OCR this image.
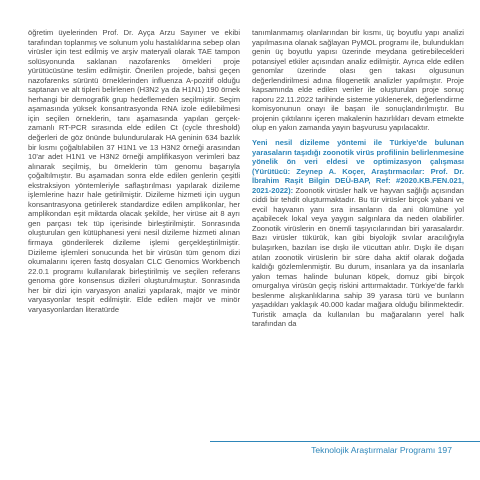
öğretim üyelerinden Prof. Dr. Ayça Arzu Sayıner ve ekibi tarafından toplanmış ve solunum yolu hastalıklarına sebep olan virüsler için test edilmiş ve arşiv materyali olarak TAE tampon solüsyonunda saklanan nazofarenks örnekleri proje yürütücüsüne teslim edilmiştir. Önerilen projede, bahsi geçen nazofarenks sürüntü örneklerinden influenza A-pozitif olduğu saptanan ve alt tipleri belirlenen (H3N2 ya da H1N1) 190 örnek herhangi bir demografik grup hedeflemeden seçilmiştir. Seçim aşamasında yüksek konsantrasyonda RNA izole edilebilmesi için seçilen örneklerin, tanı aşamasında yapılan gerçek-zamanlı RT-PCR sırasında elde edilen Ct (cycle threshold) değerleri de göz önünde bulundurularak HA geninin 634 bazlık bir kısmı çoğaltılabilen 37 H1N1 ve 13 H3N2 örneği arasından 10'ar adet H1N1 ve H3N2 örneği amplifikasyon verimleri baz alınarak seçilmiş, bu örneklerin tüm genomu başarıyla çoğaltılmıştır. Bu aşamadan sonra elde edilen genlerin çeşitli ekstraksiyon yöntemleriyle saflaştırılması yapılarak dizileme işlemlerine hazır hale getirilmiştir. Dizileme hizmeti için uygun konsantrasyona getirilerek standardize edilen amplikonlar, her amplikondan eşit miktarda olacak şekilde, her virüse ait 8 ayrı gen parçası tek tüp içerisinde birleştirilmiştir. Sonrasında oluşturulan gen kütüphanesi yeni nesil dizileme hizmeti alınan firmaya gönderilerek dizileme işlemi gerçekleştirilmiştir. Dizileme işlemleri sonucunda het bir virüsün tüm genom dizi okumalarını içeren fastq dosyaları CLC Genomics Workbench 22.0.1 programı kullanılarak birleştirilmiş ve seçilen referans genoma göre konsensus dizileri oluşturulmuştur. Sonrasında her bir dizi için varyasyon analizi yapılarak, majör ve minör varyasyonlar tespit edilmiştir. Elde edilen majör ve minör varyasyonlardan literatürde

tanımlanmamış olanlarından bir kısmı, üç boyutlu yapı analizi yapılmasına olanak sağlayan PyMOL programı ile, bulundukları genin üç boyutlu yapısı üzerinde meydana getirebilecekleri potansiyel etkiler açısından analiz edilmiştir. Ayrıca elde edilen genomlar üzerinde olası gen takası olgusunun değerlendirilmesi adına filogenetik analizler yapılmıştır. Proje kapsamında elde edilen veriler ile oluşturulan proje sonuç raporu 22.11.2022 tarihinde sisteme yüklenerek, değerlendirme komisyonunun onayı ile başarı ile sonuçlandırılmıştır. Bu projenin çıktılarını içeren makalenin hazırlıkları devam etmekte olup en yakın zamanda yayın başvurusu yapılacaktır.

Yeni nesil dizileme yöntemi ile Türkiye'de bulunan yarasaların taşıdığı zoonotik virüs profilinin belirlenmesine yönelik ön veri eldesi ve optimizasyon çalışması (Yürütücü: Zeynep A. Koçer, Araştırmacılar: Prof. Dr. İbrahim Raşit Bilgin DEÜ-BAP, Ref: #2020.KB.FEN.021, 2021-2022): Zoonotik virüsler halk ve hayvan sağlığı açısından ciddi bir tehdit oluşturmaktadır. Bu tür virüsler birçok yabani ve evcil hayvanın yanı sıra insanların da ani ölümüne yol açabilecek lokal veya yaygın salgınlara da neden olabilirler. Zoonotik virüslerin en önemli taşıyıcılarından biri yarasalardır. Bazı virüsler tükürük, kan gibi biyolojik sıvılar aracılığıyla bulaşırken, bazıları ise dışkı ile vücuttan atılır. Dışkı ile dışarı atılan zoonotik virüslerin bir süre daha aktif olarak doğada kaldığı gözlemlenmiştir. Bu durum, insanlara ya da insanlarla yakın temas halinde bulunan köpek, domuz gibi birçok omurgalıya virüsün geçiş riskini arttırmaktadır. Türkiye'de farklı beslenme alışkanlıklarına sahip 39 yarasa türü ve bunların yaşadıkları yaklaşık 40.000 kadar mağara olduğu bilinmektedir. Turistik amaçla da kullanılan bu mağaraların yerel halk tarafından da

Teknolojik Araştırmalar Programı 197
